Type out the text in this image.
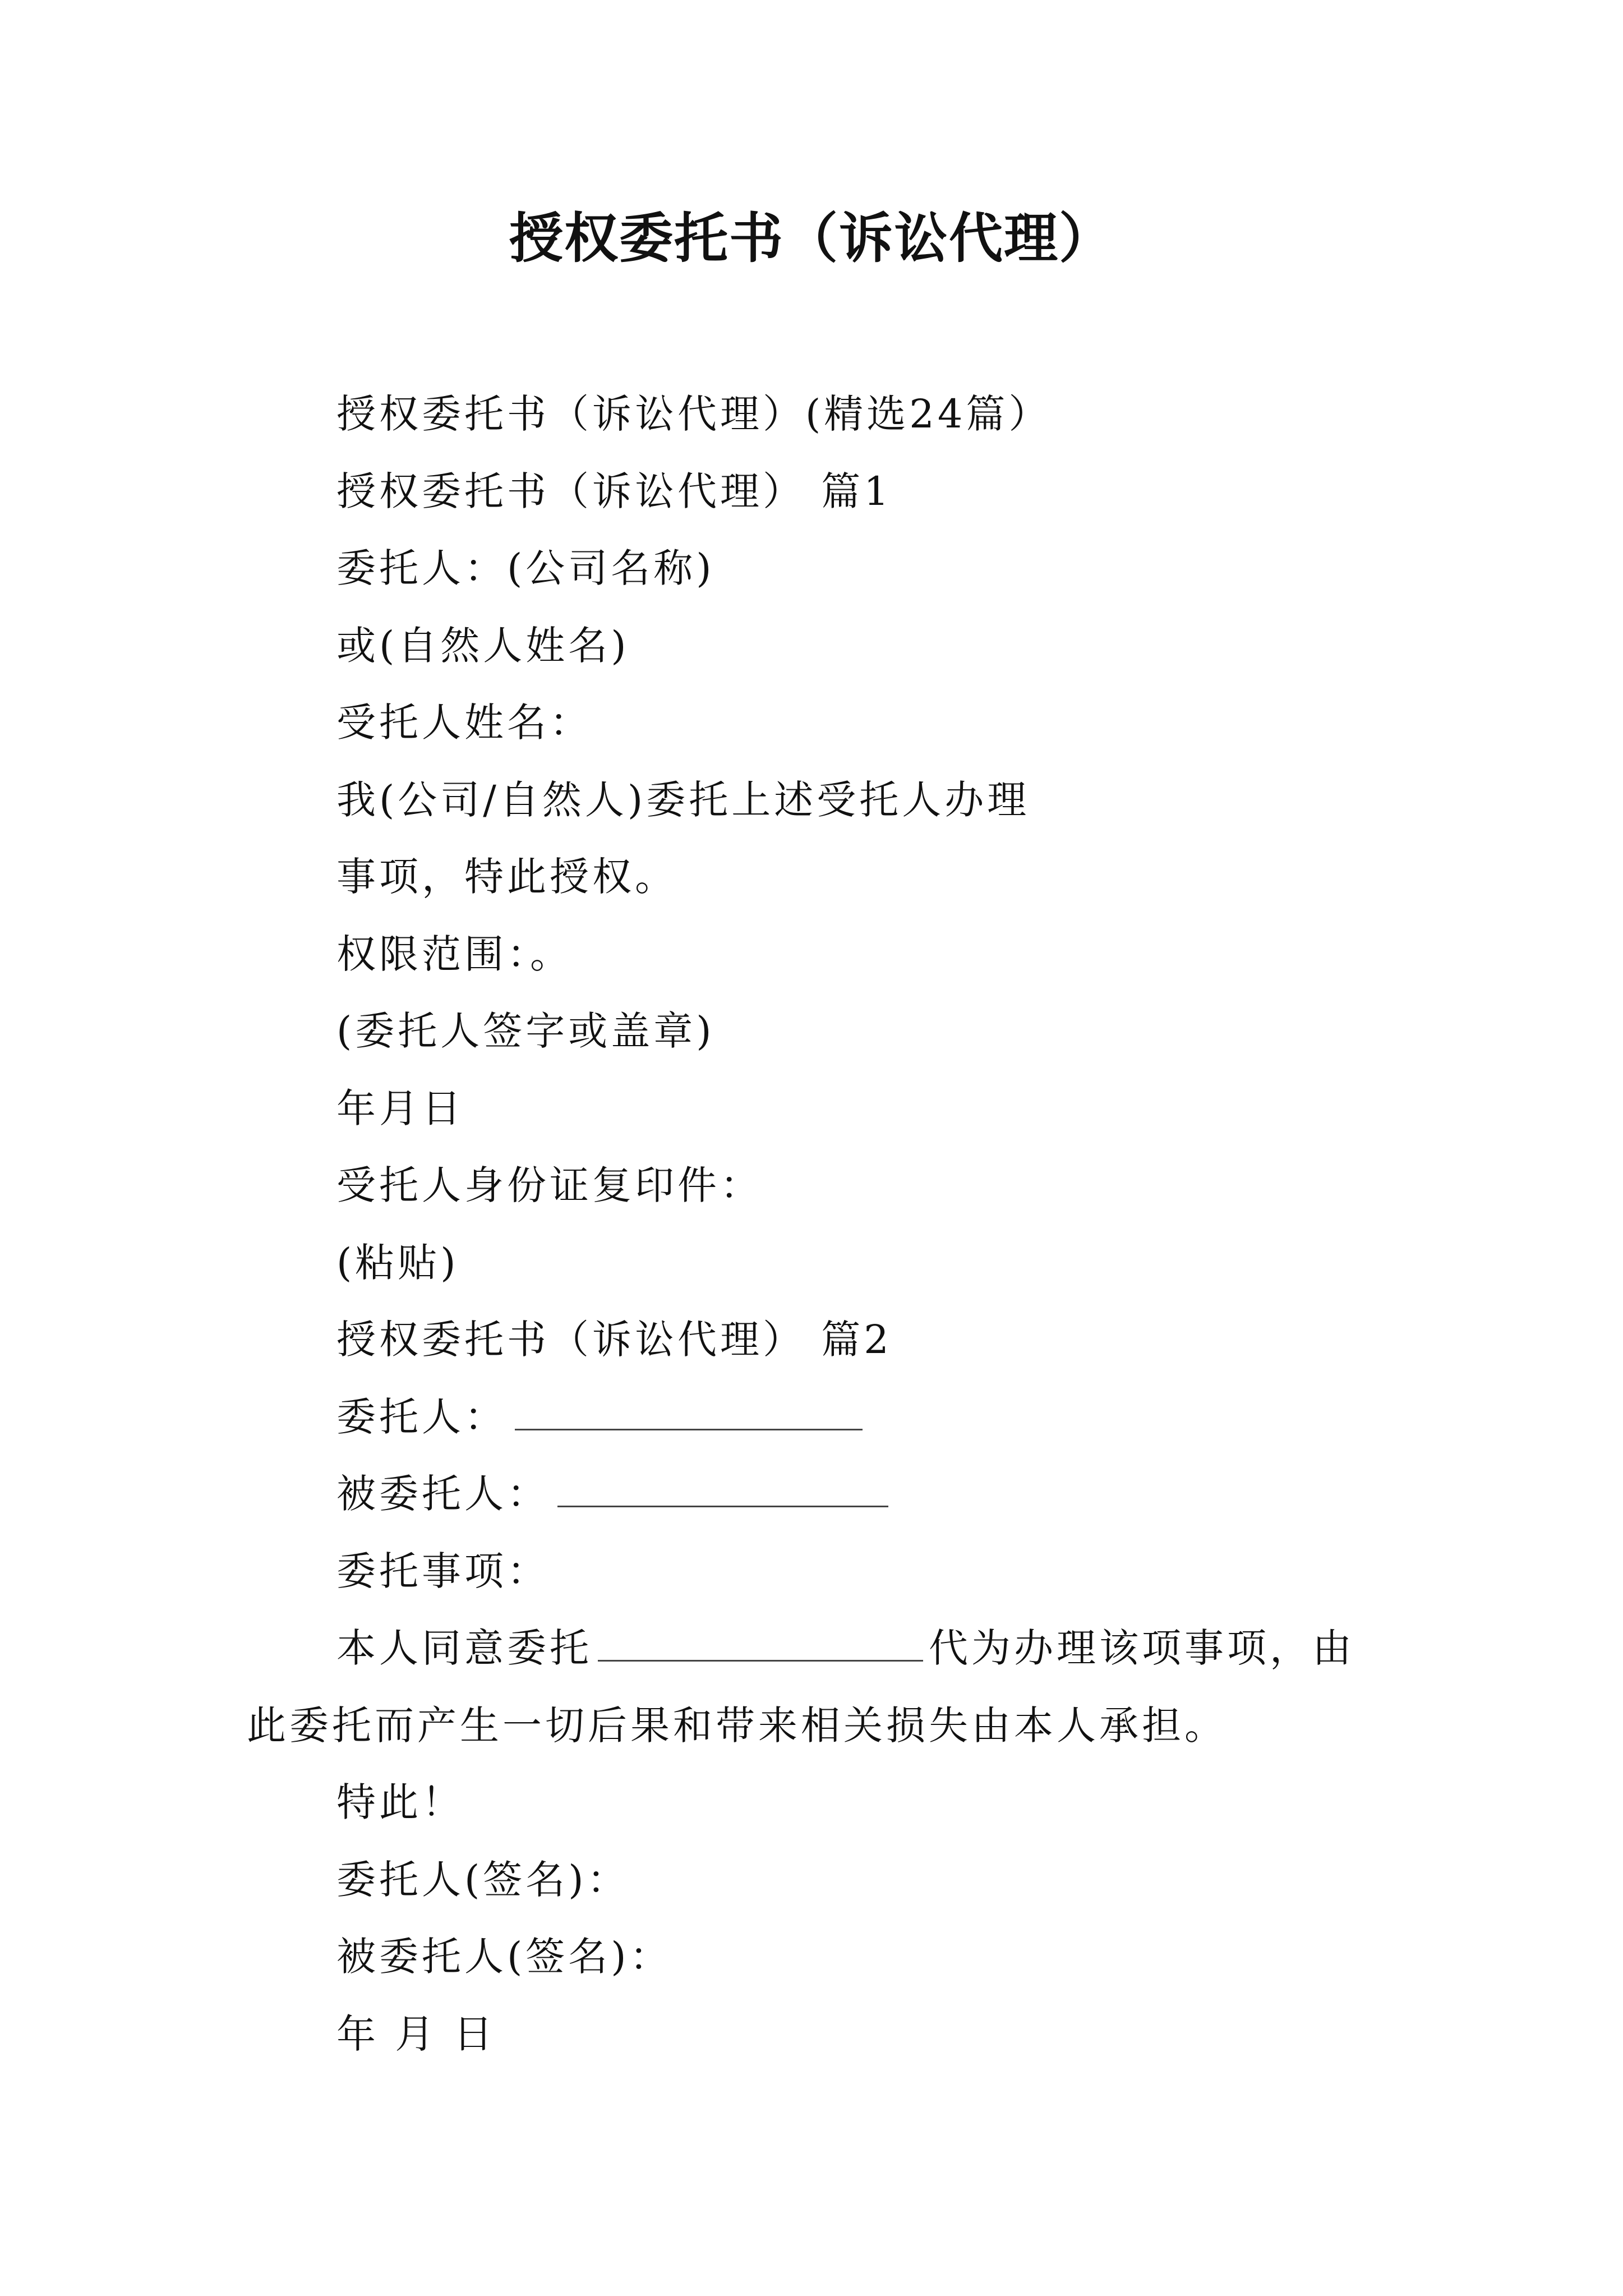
授权委托书（诉讼代理）

授权委托书（诉讼代理）(精选24篇）

授权委托书（诉讼代理） 篇1

委托人：(公司名称)

或(自然人姓名)

受托人姓名：

我(公司/自然人)委托上述受托人办理

事项，特此授权。

权限范围：。

(委托人签字或盖章)

年月日

受托人身份证复印件：

(粘贴)

授权委托书（诉讼代理） 篇2

委托人：

被委托人：

委托事项：

本人同意委托	代为办理该项事项，由

此委托而产生一切后果和带来相关损失由本人承担。

特此！

委托人(签名)：

被委托人(签名)：

年 月 日
